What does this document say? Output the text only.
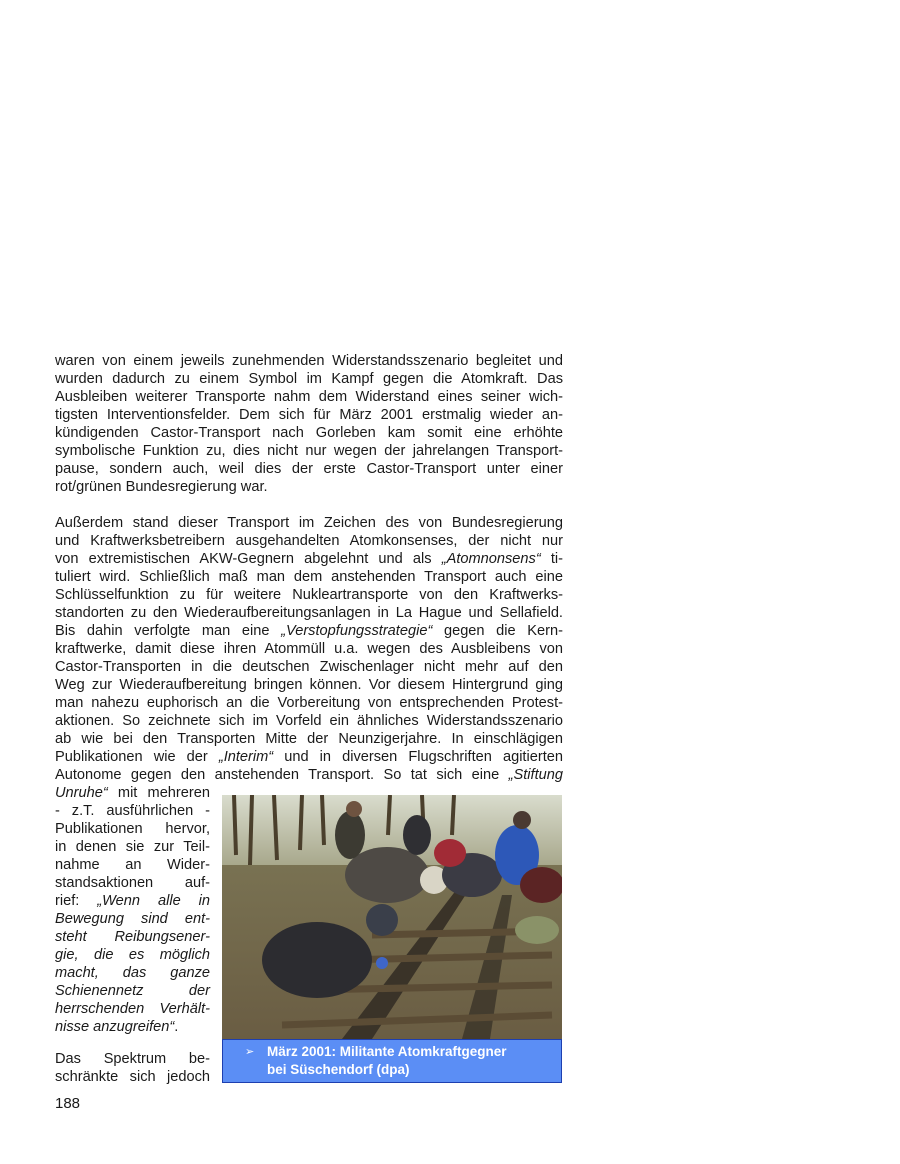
waren von einem jeweils zunehmenden Widerstandsszenario begleitet und
wurden dadurch zu einem Symbol im Kampf gegen die Atomkraft. Das
Ausbleiben weiterer Transporte nahm dem Widerstand eines seiner wich-
tigsten Interventionsfelder. Dem sich für März 2001 erstmalig wieder an-
kündigenden Castor-Transport nach Gorleben kam somit eine erhöhte
symbolische Funktion zu, dies nicht nur wegen der jahrelangen Transport-
pause, sondern auch, weil dies der erste Castor-Transport unter einer
rot/grünen Bundesregierung war.
Außerdem stand dieser Transport im Zeichen des von Bundesregierung
und Kraftwerksbetreibern ausgehandelten Atomkonsenses, der nicht nur
von extremistischen AKW-Gegnern abgelehnt und als „Atomnonsens“ ti-
tuliert wird. Schließlich maß man dem anstehenden Transport auch eine
Schlüsselfunktion zu für weitere Nukleartransporte von den Kraftwerks-
standorten zu den Wiederaufbereitungsanlagen in La Hague und Sellafield.
Bis dahin verfolgte man eine „Verstopfungsstrategie“ gegen die Kern-
kraftwerke, damit diese ihren Atommüll u.a. wegen des Ausbleibens von
Castor-Transporten in die deutschen Zwischenlager nicht mehr auf den
Weg zur Wiederaufbereitung bringen können. Vor diesem Hintergrund ging
man nahezu euphorisch an die Vorbereitung von entsprechenden Protest-
aktionen. So zeichnete sich im Vorfeld ein ähnliches Widerstandsszenario
ab wie bei den Transporten Mitte der Neunzigerjahre. In einschlägigen
Publikationen wie der „Interim“ und in diversen Flugschriften agitierten
Autonome gegen den anstehenden Transport. So tat sich eine „Stiftung
Unruhe“ mit mehreren
- z.T. ausführlichen -
Publikationen hervor,
in denen sie zur Teil-
nahme an Wider-
standsaktionen auf-
rief: „Wenn alle in
Bewegung sind ent-
steht Reibungsener-
gie, die es möglich
macht, das ganze
Schienennetz der
herrschenden Verhält-
nisse anzugreifen“.
Das Spektrum be-
schränkte sich jedoch
➢ März 2001: Militante Atomkraftgegner
bei Süschendorf (dpa)
188
